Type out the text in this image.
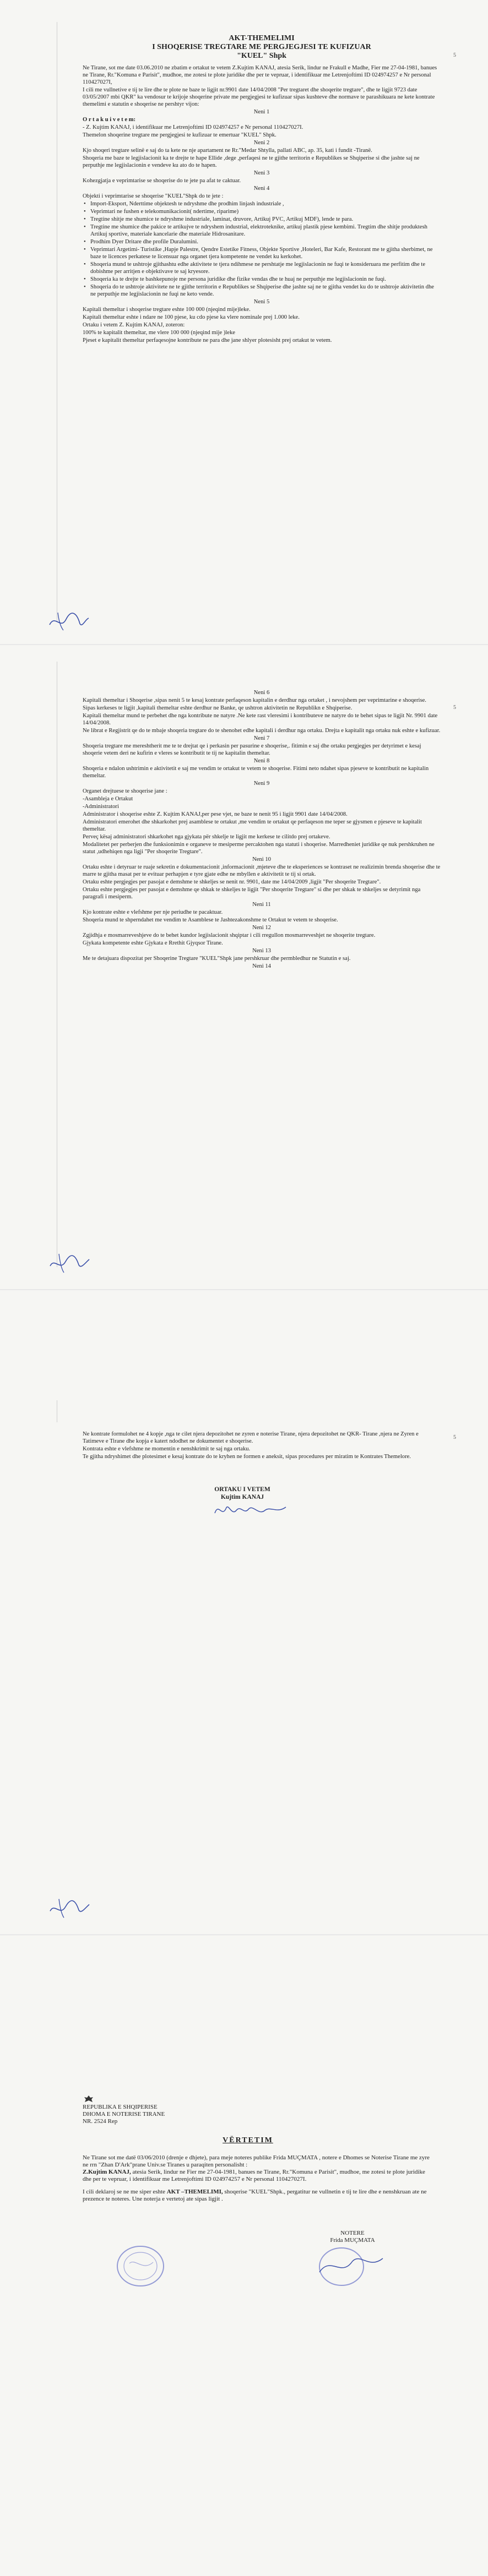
5

AKT-THEMELIMI

I SHOQERISE TREGTARE ME PERGJEGJESI TE KUFIZUAR

"KUEL" Shpk

Ne Tirane, sot me date 03.06.2010 ne zbatim e ortakut te vetem Z.Kujtim KANAJ, atesia Serik, lindur ne Frakull e Madhe, Fier me 27-04-1981, banues ne Tirane, Rr."Komuna e Parisit", mudhoe, me zotesi te plote juridike dhe per te vepruar, i identifikuar me Letrenjoftimi ID 024974257 e Nr personal 110427027I,

I cili me vullnetive e tij te lire dhe te plote ne baze te ligjit nr.9901 date 14/04/2008 "Per tregtaret dhe shoqerite tregtare", dhe te ligjit 9723 date 03/05/2007 mbi QKR" ka vendosur te krijoje shoqerine private me pergjegjesi te kufizuar sipas kushteve dhe normave te parashikuara ne kete kontrate themelimi e statutin e shoqerise ne pershtyr vijon:

Neni 1

O r t a k u i v e t e m:

- Z. Kujtim KANAJ, i identifikuar me Letrenjoftimi ID 024974257 e Nr personal 110427027I.

Themelon shoqerine tregtare me pergjegjesi te kufizuar te emertuar "KUEL" Shpk.

Neni 2

Kjo shoqeri tregtare selinë e saj do ta kete ne nje apartament ne Rr."Medar Shtylla, pallati ABC, ap. 35, kati i fundit -Tiranë.

Shoqeria me baze te legjislacionit ka te drejte te hape Ellide ,dege ,perfaqesi ne te gjithe territorin e Republikes se Shqiperise si dhe jashte saj ne perputhje me legjislacionin e vendeve ku ato do te hapen.

Neni 3

Kohezgjatja e veprimtarise se shoqerise do te jete pa afat te caktuar.

Neni 4

Objekti i veprimtarise se shoqerise "KUEL"Shpk do te jete :

• Import-Eksport, Nderttime objektesh te ndryshme dhe prodhim linjash industriale ,

• Veprimtari ne fushen e telekomunikacionit( ndertime, riparime)

• Tregtine shitje me shumice te ndryshme industriale, laminat, druvore, Artikuj PVC, Artikuj MDF), lende te para.

• Tregtine me shumice dhe pakice te artikujve te ndryshem industrial, elektroteknike, artikuj plastik pjese kembimi. Tregtim dhe shitje produktesh Artikuj sportive, materiale kancelarie dhe materiale Hidrosanitare.

• Prodhim Dyer Dritare dhe profile Duralumini.

• Veprimtari Argetimi- Turistike ,Hapje Palestre, Qendre Estetike Fitness, Objekte Sportive ,Hoteleri, Bar Kafe, Restorant me te gjitha sherbimet, ne baze te licences perkatese te licensuar nga organet tjera kompetente ne vendet ku kerkohet.

• Shoqeria mund te ushtroje gjithashtu edhe aktivitete te tjera ndihmese ne pershtatje me legjislacionin ne fuqi te konsideruara me perfitim dhe te dobishme per arritjen e objektivave te saj kryesore.

• Shoqeria ka te drejte te bashkepunoje me persona juridike dhe fizike vendas dhe te huaj ne perputhje me legjislacionin ne fuqi.

• Shoqeria do te ushtroje aktivitete ne te gjithe territorin e Republikes se Shqiperise dhe jashte saj ne te gjitha vendet ku do te ushtroje aktivitetin dhe ne perputhje me legjislacionin ne fuqi ne keto vende.

Neni 5

Kapitali themeltar i shoqerise tregtare eshte 100 000 (njeqind mije)leke.

Kapitali themeltar eshte i ndare ne 100 pjese, ku cdo pjese ka vlere nominale prej 1.000 leke.

Ortaku i vetem Z. Kujtim KANAJ, zoteron:

100% te kapitalit themeltar, me vlere 100 000 (njeqind mije )leke

Pjeset e kapitalit themeltar perfaqesojne kontribute ne para dhe jane shlyer plotesisht prej ortakut te vetem.

5

Neni 6

Kapitali themeltar i Shoqerise ,sipas nenit 5 te kesaj kontrate perfaqeson kapitalin e derdhur nga ortaket , i nevojshem per veprimtarine e shoqerise.

Sipas kerkeses te ligjit ,kapitali themeltar eshte derdhur ne Banke, qe ushtron aktivitetin ne Republikn e Shqiperise.

Kapitali themeltar mund te perbehet dhe nga kontribute ne natyre .Ne kete rast vleresimi i kontributeve ne natyre do te behet sipas te ligjit Nr. 9901 date 14/04/2008.

Ne librat e Regjistrit qe do te mbaje shoqeria tregtare do te shenohet edhe kapitali i derdhur nga ortaku. Drejta e kapitalit nga ortaku nuk eshte e kufizuar.

Neni 7

Shoqeria tregtare me mereshtherit me te te drejtat qe i perkasin per pasurine e shoqerise,. fitimin e saj dhe ortaku pergjegjes per detyrimet e kesaj shoqerie vetem deri ne kufirin e vleres se kontributit te tij ne kapitalin themeltar.

Neni 8

Shoqeria e ndalon ushtrimin e aktivitetit e saj me vendim te ortakut te vetem te shoqerise. Fitimi neto ndahet sipas pjeseve te kontributit ne kapitalin themeltar.

Neni 9

Organet drejtuese te shoqerise jane :

-Asambleja e Ortakut

-Administratori

Administrator i shoqerise eshte Z. Kujtim KANAJ,per pese vjet, ne baze te nenit 95 i ligjit 9901 date 14/04/2008.

Administratori emerohet dhe shkarkohet prej asamblese te ortakut ,me vendim te ortakut qe perfaqeson me teper se gjysmen e pjeseve te kapitalit themeltar.

Perveç kësaj administratori shkarkohet nga gjykata pёr shkelje te ligjit me kerkese te cilitdo prej ortakeve.

Modalitetet per perberjen dhe funksionimin e organeve te mesiperme percaktohen nga statuti i shoqerise. Marredheniet juridike qe nuk pershkruhen ne statut ,udhehiqen nga ligji "Per shoqerite Tregtare".

Neni 10

Ortaku eshte i detyruar te ruaje sekretin e dokumentacionit ,informacionit ,mjeteve dhe te eksperiences se kontraset ne realizimin brenda shoqerise dhe te marre te gjitha masat per te evituar perhapjen e tyre gjate edhe ne mbyllen e aktivitetit te tij si ortak.

Ortaku eshte pergjegjes per pasojat e demshme te shkeljes se nenit nr. 9901, date me 14/04/2009 ,ligjit "Per shoqerite Tregtare".

Ortaku eshte pergjegjes per pasojat e demshme qe shkak te shkeljes te ligjit "Per shoqerite Tregtare" si dhe per shkak te shkeljes se detyrimit nga paragrafi i mesiperm.

Neni 11

Kjo kontrate eshte e vlefshme per nje periudhe te pacaktuar.

Shoqeria mund te shperndahet me vendim te Asamblese te Jashtezakonshme te Ortakut te vetem te shoqerise.

Neni 12

Zgjidhja e mosmarreveshjeve do te behet kundor legjislacionit shqiptar i cili rregullon mosmarreveshjet ne shoqerite tregtare.

Gjykata kompetente eshte Gjykata e Rrethit Gjyqsor Tirane.

Neni 13

Me te detajuara dispozitat per Shoqerine Tregtare "KUEL"Shpk jane pershkruar dhe permbledhur ne Statutin e saj.

Neni 14

5

Ne kontrate formulohet ne 4 kopje ,nga te cilet njera depozitohet ne zyren e noterise Tirane, njera depozitohet ne QKR- Tirane ,njera ne Zyren e Tatimeve e Tirane dhe kopja e katert ndodhet ne dokumentet e shoqerise.

Kontrata eshte e vlefshme ne momentin e nenshkrimit te saj nga ortaku.

Te gjitha ndryshimet dhe plotesimet e kesaj kontrate do te kryhen ne formen e aneksit, sipas procedures per miratim te Kontrates Themelore.

ORTAKU I VETEM
Kujtim KANAJ
REPUBLIKA E SHQIPERISE
DHOMA E NOTERISE TIRANE
NR. 2524 Rep
VËRTETIM

Ne Tirane sot me datë 03/06/2010 (drenje e dhjete), para meje noteres publike Frida MUÇMATA , notere e Dhomes se Noterise Tirane me zyre ne rrn "Zhan D'Ark"prane Univ.se Tiranes u paraqiten personalisht :
Z.Kujtim KANAJ, atesia Serik, lindur ne Fier me 27-04-1981, banues ne Tirane, Rr."Komuna e Parisit", mudhoe, me zotesi te plote juridike dhe per te vepruar, i identifikuar me Letrenjoftimi ID 024974257 e Nr personal 110427027I.

I cili deklaroj se ne me siper eshte AKT –THEMELIMI, shoqerise "KUEL"Shpk., pergatitur ne vullnetin e tij te lire dhe e nenshkruan ate ne prezence te noteres. Une noterja e vertetoj ate sipas ligjit .

NOTERE
Frida MUÇMATA
